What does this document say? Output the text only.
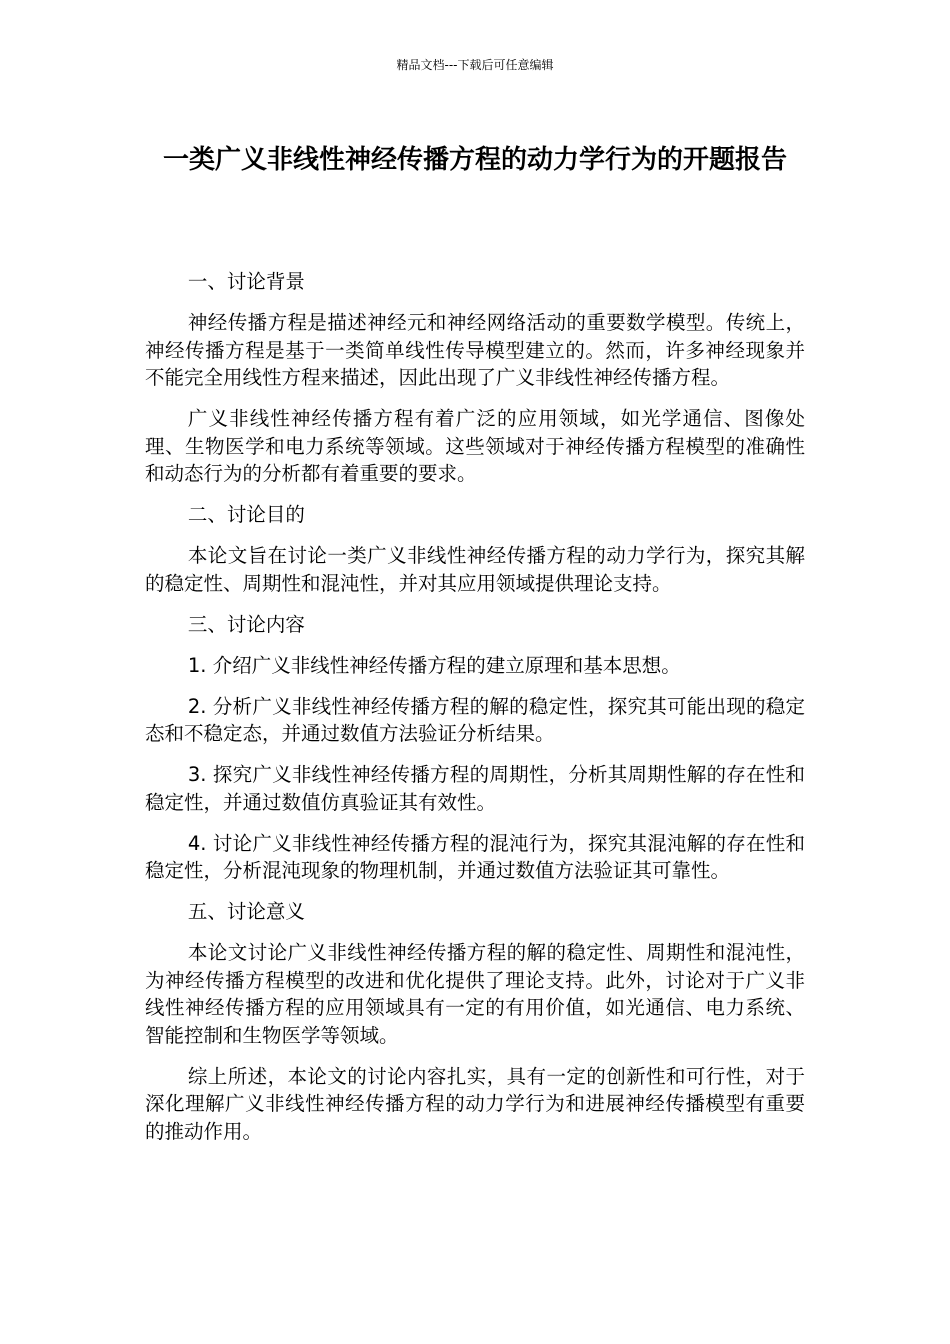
精品文档---下载后可任意编辑
一类广义非线性神经传播方程的动力学行为的开题报告

一、讨论背景

神经传播方程是描述神经元和神经网络活动的重要数学模型。传统上，神经传播方程是基于一类简单线性传导模型建立的。然而，许多神经现象并不能完全用线性方程来描述，因此出现了广义非线性神经传播方程。

广义非线性神经传播方程有着广泛的应用领域，如光学通信、图像处理、生物医学和电力系统等领域。这些领域对于神经传播方程模型的准确性和动态行为的分析都有着重要的要求。

二、讨论目的

本论文旨在讨论一类广义非线性神经传播方程的动力学行为，探究其解的稳定性、周期性和混沌性，并对其应用领域提供理论支持。

三、讨论内容

1. 介绍广义非线性神经传播方程的建立原理和基本思想。

2. 分析广义非线性神经传播方程的解的稳定性，探究其可能出现的稳定态和不稳定态，并通过数值方法验证分析结果。

3. 探究广义非线性神经传播方程的周期性，分析其周期性解的存在性和稳定性，并通过数值仿真验证其有效性。

4. 讨论广义非线性神经传播方程的混沌行为，探究其混沌解的存在性和稳定性，分析混沌现象的物理机制，并通过数值方法验证其可靠性。

五、讨论意义

本论文讨论广义非线性神经传播方程的解的稳定性、周期性和混沌性，为神经传播方程模型的改进和优化提供了理论支持。此外，讨论对于广义非线性神经传播方程的应用领域具有一定的有用价值，如光通信、电力系统、智能控制和生物医学等领域。

综上所述，本论文的讨论内容扎实，具有一定的创新性和可行性，对于深化理解广义非线性神经传播方程的动力学行为和进展神经传播模型有重要的推动作用。
